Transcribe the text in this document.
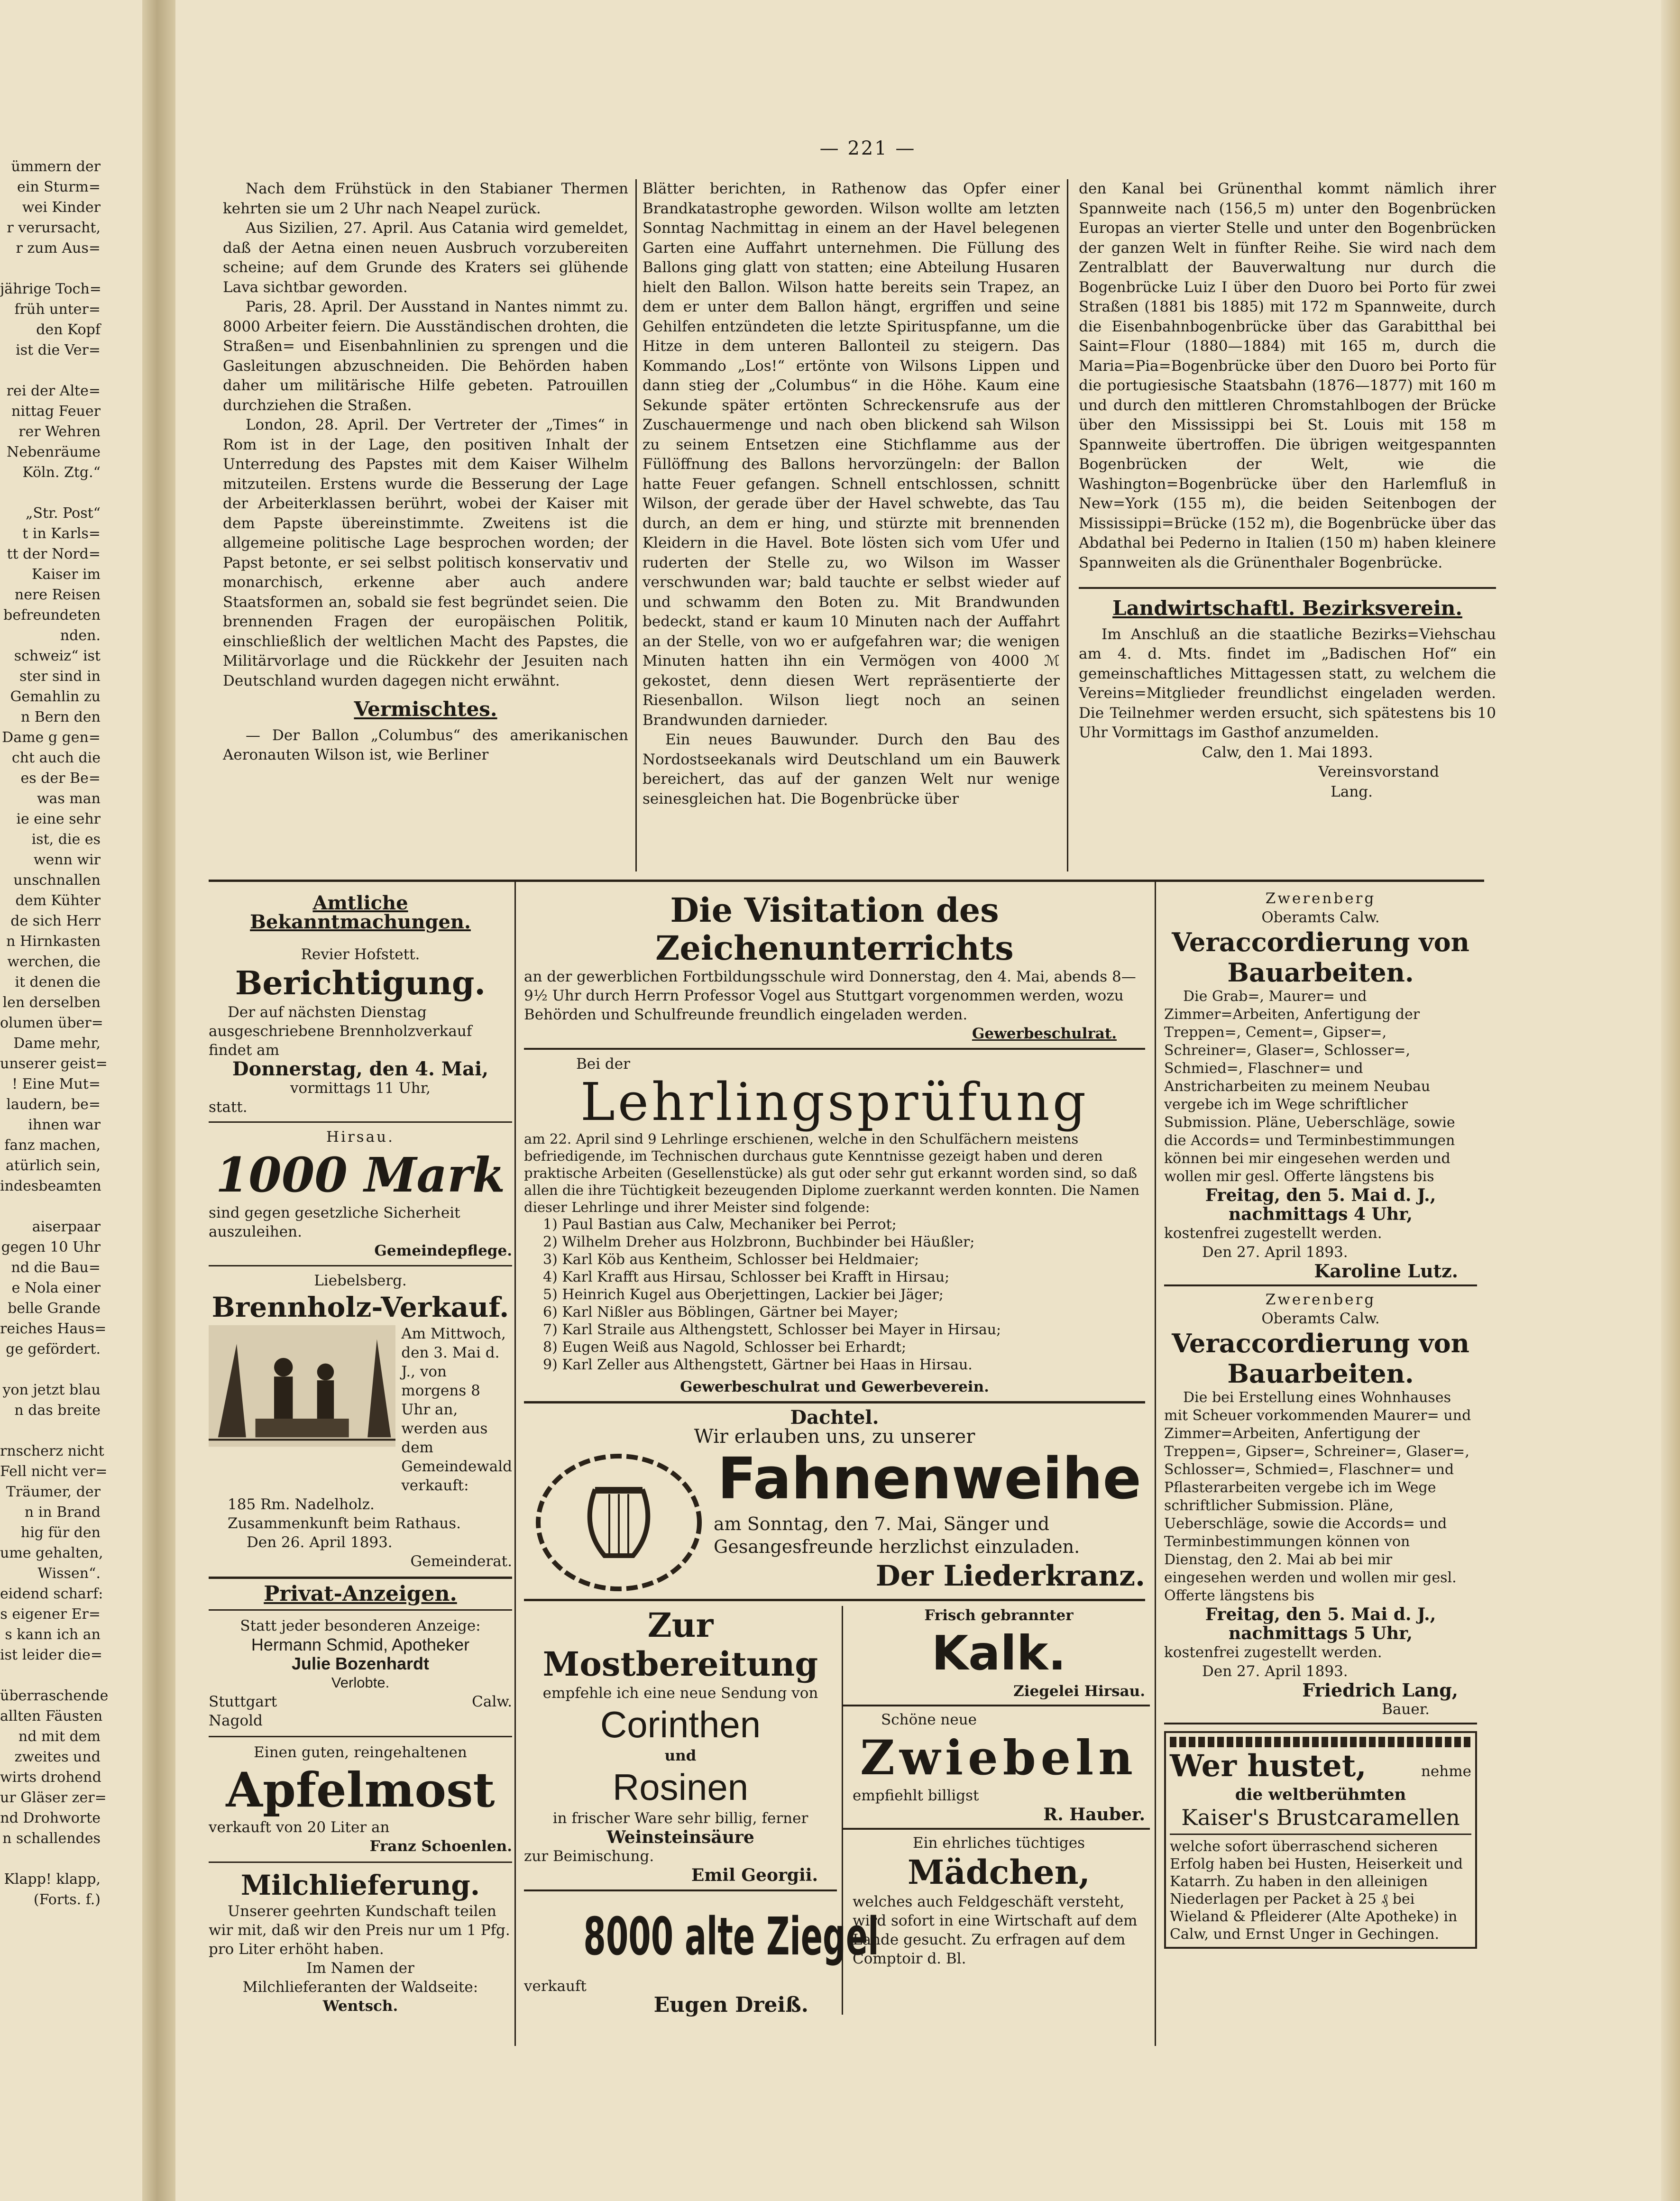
ümmern der
ein Sturm=
wei Kinder
r verursacht,
r zum Aus=

jährige Toch=
früh unter=
den Kopf
ist die Ver=

rei der Alte=
nittag Feuer
rer Wehren
Nebenräume
Köln. Ztg.“

„Str. Post“
t in Karls=
tt der Nord=
Kaiser im
nere Reisen
befreundeten
nden.
schweiz“ ist
ster sind in
Gemahlin zu
n Bern den
Dame g gen=
cht auch die
es der Be=
was man
ie eine sehr
ist, die es
wenn wir
unschnallen
dem Kühter
de sich Herr
n Hirnkasten
werchen, die
it denen die
len derselben
olumen über=
Dame mehr,
unserer geist=
! Eine Mut=
laudern, be=
ihnen war
fanz machen,
atürlich sein,
indesbeamten

aiserpaar
gegen 10 Uhr
nd die Bau=
e Nola einer
belle Grande
reiches Haus=
ge gefördert.

yon jetzt blau
n das breite

rnscherz nicht
Fell nicht ver=
Träumer, der
n in Brand
hig für den
ume gehalten,
Wissen“.
eidend scharf:
s eigener Er=
s kann ich an
ist leider die=

überraschende
allten Fäusten
nd mit dem
zweites und
wirts drohend
ur Gläser zer=
nd Drohworte
n schallendes

Klapp! klapp,
(Forts. f.)
— 221 —

Nach dem Frühstück in den Stabianer Thermen kehrten sie um 2 Uhr nach Neapel zurück.

Aus Sizilien, 27. April. Aus Catania wird gemeldet, daß der Aetna einen neuen Ausbruch vorzubereiten scheine; auf dem Grunde des Kraters sei glühende Lava sichtbar geworden.

Paris, 28. April. Der Ausstand in Nantes nimmt zu. 8000 Arbeiter feiern. Die Ausständischen drohten, die Straßen= und Eisenbahnlinien zu sprengen und die Gasleitungen abzuschneiden. Die Behörden haben daher um militärische Hilfe gebeten. Patrouillen durchziehen die Straßen.

London, 28. April. Der Vertreter der „Times“ in Rom ist in der Lage, den positiven Inhalt der Unterredung des Papstes mit dem Kaiser Wilhelm mitzuteilen. Erstens wurde die Besserung der Lage der Arbeiterklassen berührt, wobei der Kaiser mit dem Papste übereinstimmte. Zweitens ist die allgemeine politische Lage besprochen worden; der Papst betonte, er sei selbst politisch konservativ und monarchisch, erkenne aber auch andere Staatsformen an, sobald sie fest begründet seien. Die brennenden Fragen der europäischen Politik, einschließlich der weltlichen Macht des Papstes, die Militärvorlage und die Rückkehr der Jesuiten nach Deutschland wurden dagegen nicht erwähnt.

Vermischtes.

— Der Ballon „Columbus“ des amerikanischen Aeronauten Wilson ist, wie Berliner

Blätter berichten, in Rathenow das Opfer einer Brandkatastrophe geworden. Wilson wollte am letzten Sonntag Nachmittag in einem an der Havel belegenen Garten eine Auffahrt unternehmen. Die Füllung des Ballons ging glatt von statten; eine Abteilung Husaren hielt den Ballon. Wilson hatte bereits sein Trapez, an dem er unter dem Ballon hängt, ergriffen und seine Gehilfen entzündeten die letzte Spirituspfanne, um die Hitze in dem unteren Ballonteil zu steigern. Das Kommando „Los!“ ertönte von Wilsons Lippen und dann stieg der „Columbus“ in die Höhe. Kaum eine Sekunde später ertönten Schreckensrufe aus der Zuschauermenge und nach oben blickend sah Wilson zu seinem Entsetzen eine Stichflamme aus der Füllöffnung des Ballons hervorzüngeln: der Ballon hatte Feuer gefangen. Schnell entschlossen, schnitt Wilson, der gerade über der Havel schwebte, das Tau durch, an dem er hing, und stürzte mit brennenden Kleidern in die Havel. Bote lösten sich vom Ufer und ruderten der Stelle zu, wo Wilson im Wasser verschwunden war; bald tauchte er selbst wieder auf und schwamm den Boten zu. Mit Brandwunden bedeckt, stand er kaum 10 Minuten nach der Auffahrt an der Stelle, von wo er aufgefahren war; die wenigen Minuten hatten ihn ein Vermögen von 4000 ℳ gekostet, denn diesen Wert repräsentierte der Riesenballon. Wilson liegt noch an seinen Brandwunden darnieder.

Ein neues Bauwunder. Durch den Bau des Nordostseekanals wird Deutschland um ein Bauwerk bereichert, das auf der ganzen Welt nur wenige seinesgleichen hat. Die Bogenbrücke über

den Kanal bei Grünenthal kommt nämlich ihrer Spannweite nach (156,5 m) unter den Bogenbrücken Europas an vierter Stelle und unter den Bogenbrücken der ganzen Welt in fünfter Reihe. Sie wird nach dem Zentralblatt der Bauverwaltung nur durch die Bogenbrücke Luiz I über den Duoro bei Porto für zwei Straßen (1881 bis 1885) mit 172 m Spannweite, durch die Eisenbahnbogenbrücke über das Garabitthal bei Saint=Flour (1880—1884) mit 165 m, durch die Maria=Pia=Bogenbrücke über den Duoro bei Porto für die portugiesische Staatsbahn (1876—1877) mit 160 m und durch den mittleren Chromstahlbogen der Brücke über den Mississippi bei St. Louis mit 158 m Spannweite übertroffen. Die übrigen weitgespannten Bogenbrücken der Welt, wie die Washington=Bogenbrücke über den Harlemfluß in New=York (155 m), die beiden Seitenbogen der Mississippi=Brücke (152 m), die Bogenbrücke über das Abdathal bei Pederno in Italien (150 m) haben kleinere Spannweiten als die Grünenthaler Bogenbrücke.

Landwirtschaftl. Bezirksverein.

Im Anschluß an die staatliche Bezirks=Viehschau am 4. d. Mts. findet im „Badischen Hof“ ein gemeinschaftliches Mittagessen statt, zu welchem die Vereins=Mitglieder freundlichst eingeladen werden. Die Teilnehmer werden ersucht, sich spätestens bis 10 Uhr Vormittags im Gasthof anzumelden.

Calw, den 1. Mai 1893.
Vereinsvorstand
Lang.
Amtliche Bekanntmachungen.
Revier Hofstett.
Berichtigung.
Der auf nächsten Dienstag ausgeschriebene Brennholzverkauf findet am
Donnerstag, den 4. Mai,
vormittags 11 Uhr,
statt.
Hirsau.
1000 Mark
sind gegen gesetzliche Sicherheit auszuleihen.
Gemeindepflege.
Liebelsberg.
Brennholz-Verkauf.
Am Mittwoch, den 3. Mai d. J., von morgens 8 Uhr an, werden aus dem Gemeindewald verkauft:
185 Rm. Nadelholz.
Zusammenkunft beim Rathaus.
Den 26. April 1893.
Gemeinderat.
Privat-Anzeigen.
Statt jeder besonderen Anzeige:
Hermann Schmid, Apotheker
Julie Bozenhardt
Verlobte.
Stuttgart
Nagold
Calw.
Einen guten, reingehaltenen
Apfelmost
verkauft von 20 Liter an
Franz Schoenlen.
Milchlieferung.
Unserer geehrten Kundschaft teilen wir mit, daß wir den Preis nur um 1 Pfg. pro Liter erhöht haben.
Im Namen der
Milchlieferanten der Waldseite:
Wentsch.
Die Visitation des Zeichenunterrichts
an der gewerblichen Fortbildungsschule wird Donnerstag, den 4. Mai, abends 8—9½ Uhr durch Herrn Professor Vogel aus Stuttgart vorgenommen werden, wozu Behörden und Schulfreunde freundlich eingeladen werden.
Gewerbeschulrat.
Bei der
Lehrlingsprüfung
am 22. April sind 9 Lehrlinge erschienen, welche in den Schulfächern meistens befriedigende, im Technischen durchaus gute Kenntnisse gezeigt haben und deren praktische Arbeiten (Gesellenstücke) als gut oder sehr gut erkannt worden sind, so daß allen die ihre Tüchtigkeit bezeugenden Diplome zuerkannt werden konnten. Die Namen dieser Lehrlinge und ihrer Meister sind folgende:

1) Paul Bastian aus Calw, Mechaniker bei Perrot;

2) Wilhelm Dreher aus Holzbronn, Buchbinder bei Häußler;

3) Karl Köb aus Kentheim, Schlosser bei Heldmaier;

4) Karl Krafft aus Hirsau, Schlosser bei Krafft in Hirsau;

5) Heinrich Kugel aus Oberjettingen, Lackier bei Jäger;

6) Karl Nißler aus Böblingen, Gärtner bei Mayer;

7) Karl Straile aus Althengstett, Schlosser bei Mayer in Hirsau;

8) Eugen Weiß aus Nagold, Schlosser bei Erhardt;

9) Karl Zeller aus Althengstett, Gärtner bei Haas in Hirsau.

Gewerbeschulrat und Gewerbeverein.
Dachtel.
Wir erlauben uns, zu unserer
Fahnenweihe
am Sonntag, den 7. Mai, Sänger und Gesangesfreunde herzlichst einzuladen.
Der Liederkranz.
Zur Mostbereitung
empfehle ich eine neue Sendung von
Corinthen
und
Rosinen
in frischer Ware sehr billig, ferner
Weinsteinsäure
zur Beimischung.
Emil Georgii.
8000 alte Ziegel
verkauft
Eugen Dreiß.
Frisch gebrannter
Kalk.
Ziegelei Hirsau.
Schöne neue
Zwiebeln
empfiehlt billigst
R. Hauber.
Ein ehrliches tüchtiges
Mädchen,
welches auch Feldgeschäft versteht, wird sofort in eine Wirtschaft auf dem Lande gesucht. Zu erfragen auf dem Comptoir d. Bl.
Zwerenberg
Oberamts Calw.
Veraccordierung von Bauarbeiten.
Die Grab=, Maurer= und Zimmer=Arbeiten, Anfertigung der Treppen=, Cement=, Gipser=, Schreiner=, Glaser=, Schlosser=, Schmied=, Flaschner= und Anstricharbeiten zu meinem Neubau vergebe ich im Wege schriftlicher Submission. Pläne, Ueberschläge, sowie die Accords= und Terminbestimmungen können bei mir eingesehen werden und wollen mir gesl. Offerte längstens bis
Freitag, den 5. Mai d. J., nachmittags 4 Uhr,
kostenfrei zugestellt werden.
Den 27. April 1893.
Karoline Lutz.
Zwerenberg
Oberamts Calw.
Veraccordierung von Bauarbeiten.
Die bei Erstellung eines Wohnhauses mit Scheuer vorkommenden Maurer= und Zimmer=Arbeiten, Anfertigung der Treppen=, Gipser=, Schreiner=, Glaser=, Schlosser=, Schmied=, Flaschner= und Pflasterarbeiten vergebe ich im Wege schriftlicher Submission. Pläne, Ueberschläge, sowie die Accords= und Terminbestimmungen können von Dienstag, den 2. Mai ab bei mir eingesehen werden und wollen mir gesl. Offerte längstens bis
Freitag, den 5. Mai d. J., nachmittags 5 Uhr,
kostenfrei zugestellt werden.
Den 27. April 1893.
Friedrich Lang,
Bauer.
Wer hustet,	nehme
die weltberühmten
Kaiser's Brustcaramellen
welche sofort überraschend sicheren Erfolg haben bei Husten, Heiserkeit und Katarrh. Zu haben in den alleinigen Niederlagen per Packet à 25 ₰ bei Wieland & Pfleiderer (Alte Apotheke) in Calw, und Ernst Unger in Gechingen.
